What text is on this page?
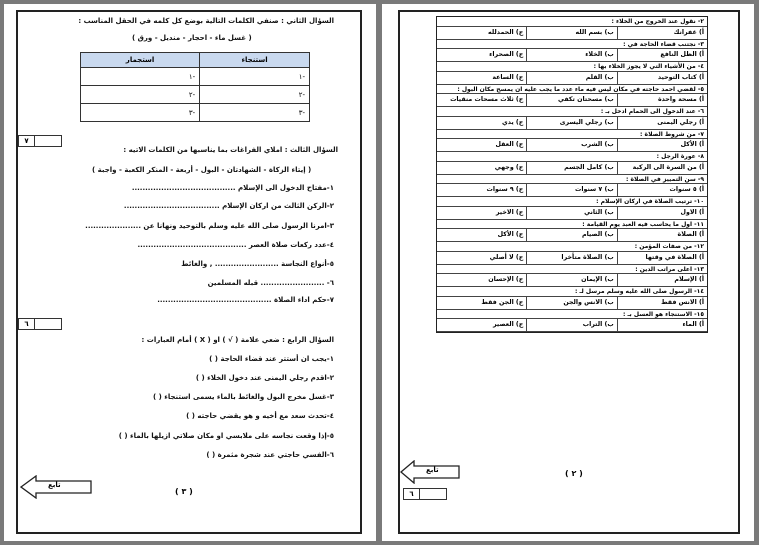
السؤال الثاني : صنفي الكلمات التالية بوضع كل كلمه في الحقل المناسب :
( غسل ماء - احجار - منديل - ورق )
استنجاء	استجمار
-١	-١
-٢	-٢
-٣	-٣
٧
السؤال الثالث : املاي الفراغات بما يناسبها من الكلمات الاتيه :
( إيتاء الزكاة - الشهادتان - البول - أربعة - المنكر الكعبة - واجبة )
١-مفتاح الدخول الى الإسلام .......................................
٢-الركن الثالث من اركان الإسلام ....................................
٣-امرنا الرسول صلى الله عليه وسلم بالتوحيد ونهانا عن .....................
٤-عدد ركعات صلاة العصر .........................................
٥-أنواع النجاسة ........................ , والغائط
٦- ........................ قبله المسلمين
٧-حكم اداء الصلاة ...........................................
٦
السؤال الرابع : ضعي علامة ( √ ) او ( X ) أمام العبارات :
١-يجب ان أستتر عند قضاء الحاجة ( )
٢-اقدم رجلي اليمنى عند دخول الخلاء ( )
٣-غسل مخرج البول والغائط بالماء يسمى استنجاء ( )
٤-تحدث سعد مع أخيه و هو يقضي حاجته ( )
٥-إذا وقعت نجاسه على ملابسي او مكان صلاتي ازيلها بالماء ( )
٦-الفسي حاجتي عند شجرة مثمرة ( )
تابع
( ٣ )
٢- نقول عند الخروج من الخلاء :
أ) غفرانك
ب) بسم الله
ج) الحمدلله
٣- نجتنب قضاء الحاجة في :
أ) الظل النافع
ب) الخلاء
ج) الصحراء
٤- من الأشياء التي لا يجوز الخلاء بها :
أ) كتاب التوحيد
ب) القلم
ج) الساعة
٥- لقضي احمد حاجته في مكان ليس فيه ماء عدد ما يجب عليه ان يمسح مكان البول :
أ) مسحة واحدة
ب) مسحتان تكفي
ج) ثلاث مسحات منقيات
٦- عند الدخول الى الحمام ادخل بـ :
أ) رجلي اليمنى
ب) رجلي اليسرى
ج) يدي
٧- من شروط الصلاة :
أ) الأكل
ب) الشرب
ج) العقل
٨- عورة الرجل :
أ) من السرة الى الركبة
ب) كامل الجسم
ج) وجهي
٩- سن التمييز في الصلاة :
أ) ٥ سنوات
ب) ٧ سنوات
ج) ٩ سنوات
١٠- ترتيب الصلاة في اركان الإسلام :
أ) الاول
ب) الثاني
ج) الاخير
١١- اول ما يحاسب فيه العبد يوم القيامة :
أ) الصلاة
ب) الصيام
ج) الأكل
١٢- من صفات المؤمن :
أ) الصلاة في وقتها
ب) الصلاة متأخرا
ج) لا أصلي
١٣- اعلى مراتب الدين :
أ) الإسلام
ب) الإيمان
ج) الإحسان
١٤- الرسول صلى الله عليه وسلم مرسل لـ :
أ) الانس فقط
ب) الانس والجن
ج) الجن فقط
١٥- الاستنجاء هو الغسل بـ :
أ) الماء
ب) التراب
ج) العصير
( ٢ )
تابع
٦
